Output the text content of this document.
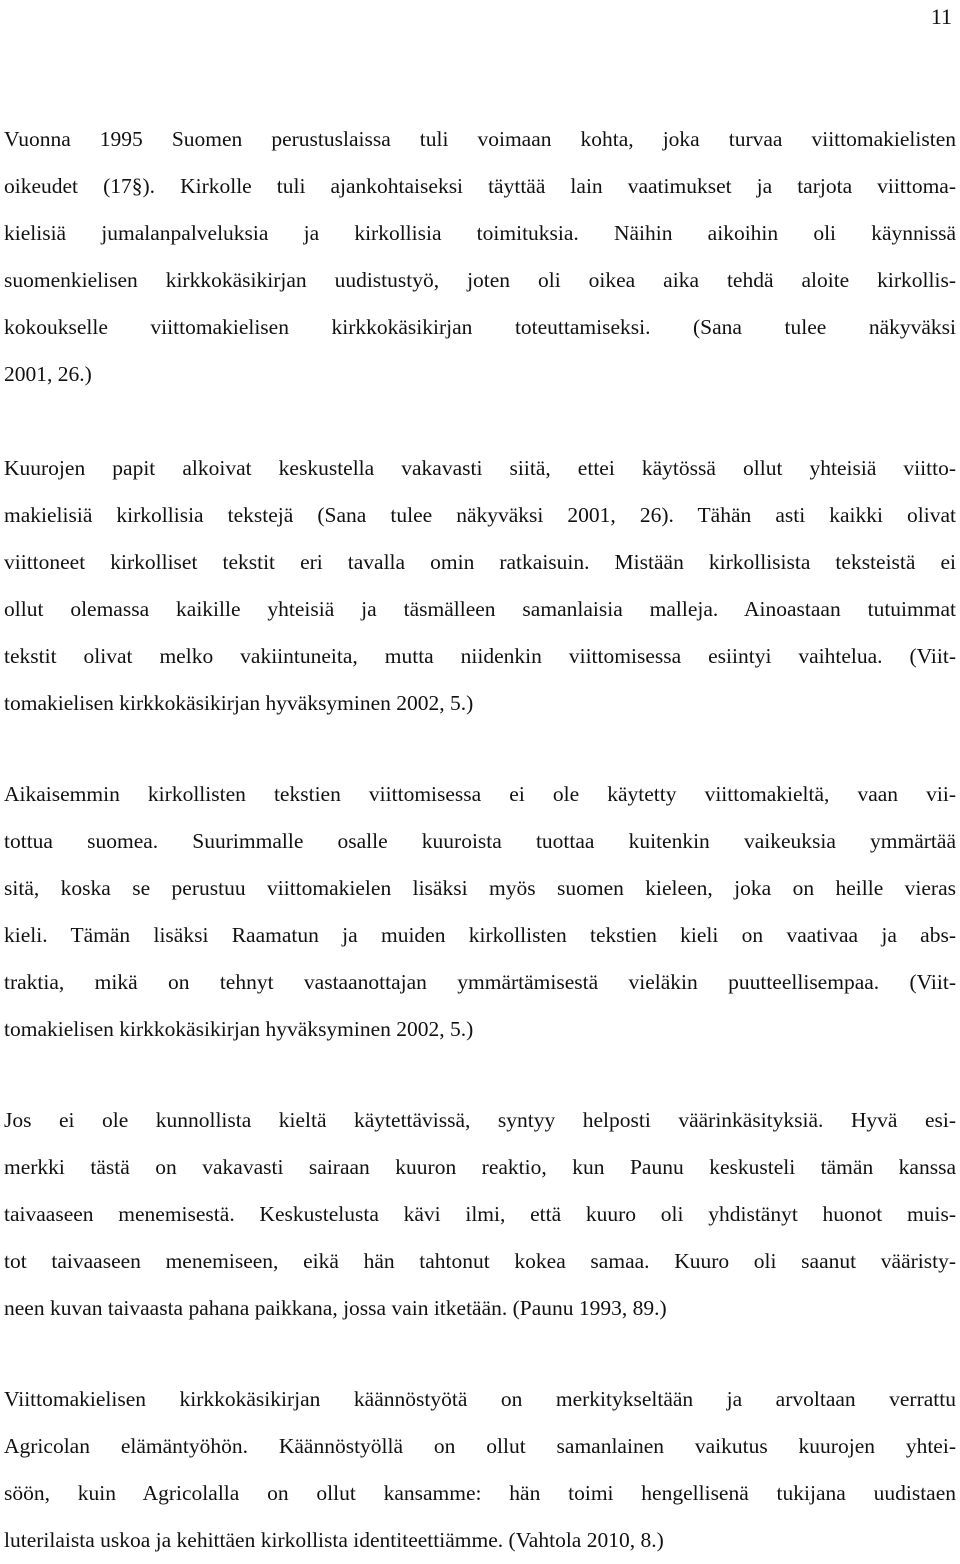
11
Vuonna 1995 Suomen perustuslaissa tuli voimaan kohta, joka turvaa viittomakielisten
oikeudet (17§). Kirkolle tuli ajankohtaiseksi täyttää lain vaatimukset ja tarjota viittoma-
kielisiä jumalanpalveluksia ja kirkollisia toimituksia. Näihin aikoihin oli käynnissä
suomenkielisen kirkkokäsikirjan uudistustyö, joten oli oikea aika tehdä aloite kirkollis-
kokoukselle viittomakielisen kirkkokäsikirjan toteuttamiseksi. (Sana tulee näkyväksi
2001, 26.)
Kuurojen papit alkoivat keskustella vakavasti siitä, ettei käytössä ollut yhteisiä viitto-
makielisiä kirkollisia tekstejä (Sana tulee näkyväksi 2001, 26). Tähän asti kaikki olivat
viittoneet kirkolliset tekstit eri tavalla omin ratkaisuin. Mistään kirkollisista teksteistä ei
ollut olemassa kaikille yhteisiä ja täsmälleen samanlaisia malleja. Ainoastaan tutuimmat
tekstit olivat melko vakiintuneita, mutta niidenkin viittomisessa esiintyi vaihtelua. (Viit-
tomakielisen kirkkokäsikirjan hyväksyminen 2002, 5.)
Aikaisemmin kirkollisten tekstien viittomisessa ei ole käytetty viittomakieltä, vaan vii-
tottua suomea. Suurimmalle osalle kuuroista tuottaa kuitenkin vaikeuksia ymmärtää
sitä, koska se perustuu viittomakielen lisäksi myös suomen kieleen, joka on heille vieras
kieli. Tämän lisäksi Raamatun ja muiden kirkollisten tekstien kieli on vaativaa ja abs-
traktia, mikä on tehnyt vastaanottajan ymmärtämisestä vieläkin puutteellisempaa. (Viit-
tomakielisen kirkkokäsikirjan hyväksyminen 2002, 5.)
Jos ei ole kunnollista kieltä käytettävissä, syntyy helposti väärinkäsityksiä. Hyvä esi-
merkki tästä on vakavasti sairaan kuuron reaktio, kun Paunu keskusteli tämän kanssa
taivaaseen menemisestä. Keskustelusta kävi ilmi, että kuuro oli yhdistänyt huonot muis-
tot taivaaseen menemiseen, eikä hän tahtonut kokea samaa. Kuuro oli saanut vääristy-
neen kuvan taivaasta pahana paikkana, jossa vain itketään. (Paunu 1993, 89.)
Viittomakielisen kirkkokäsikirjan käännöstyötä on merkitykseltään ja arvoltaan verrattu
Agricolan elämäntyöhön. Käännöstyöllä on ollut samanlainen vaikutus kuurojen yhtei-
söön, kuin Agricolalla on ollut kansamme: hän toimi hengellisenä tukijana uudistaen
luterilaista uskoa ja kehittäen kirkollista identiteettiämme. (Vahtola 2010, 8.)
